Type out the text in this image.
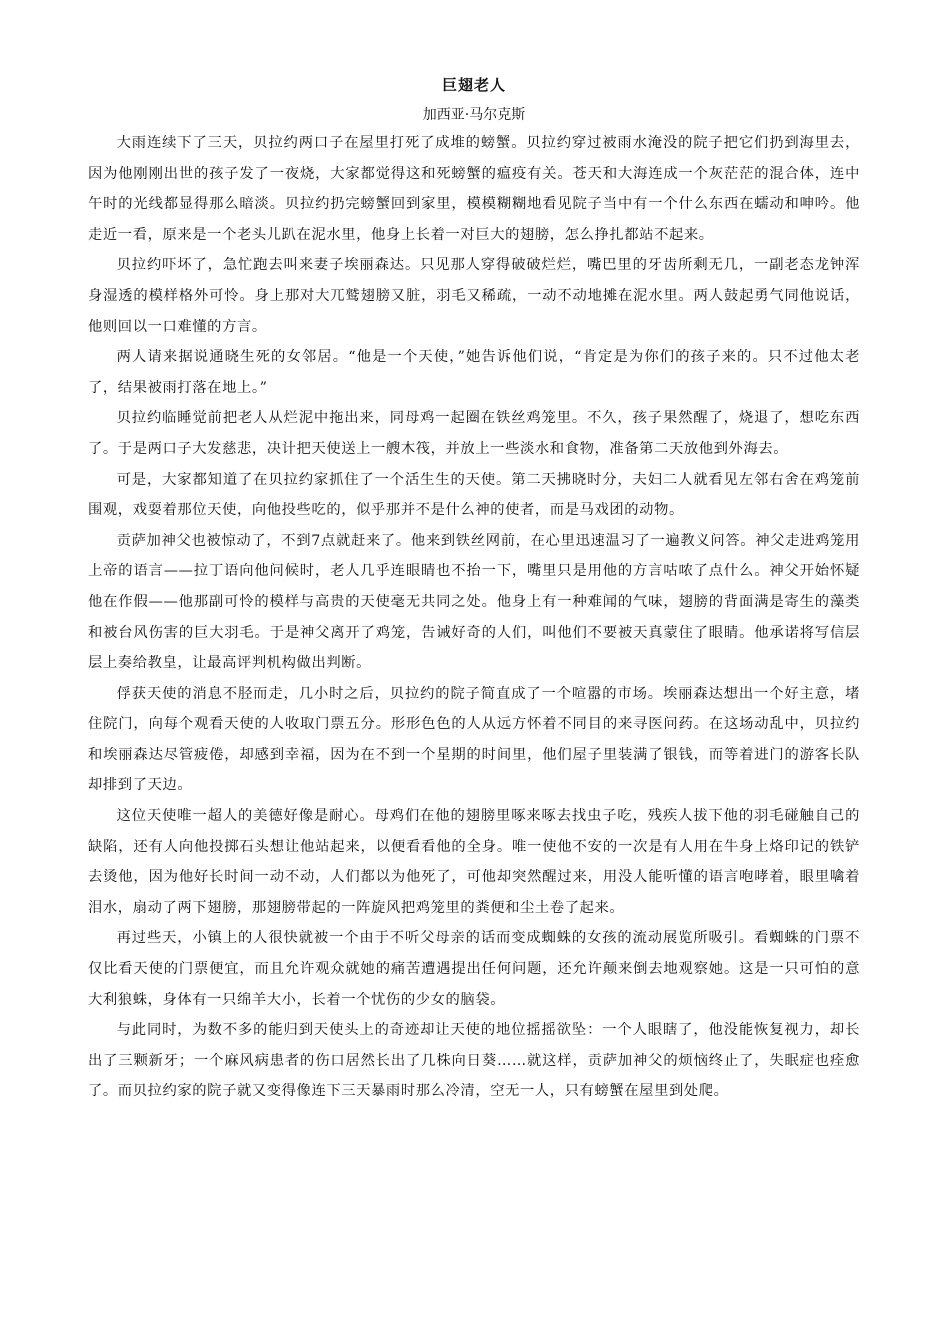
巨翅老人

加西亚·马尔克斯

大雨连续下了三天，贝拉约两口子在屋里打死了成堆的螃蟹。贝拉约穿过被雨水淹没的院子把它们扔到海里去，因为他刚刚出世的孩子发了一夜烧，大家都觉得这和死螃蟹的瘟疫有关。苍天和大海连成一个灰茫茫的混合体，连中午时的光线都显得那么暗淡。贝拉约扔完螃蟹回到家里，模模糊糊地看见院子当中有一个什么东西在蠕动和呻吟。他走近一看，原来是一个老头儿趴在泥水里，他身上长着一对巨大的翅膀，怎么挣扎都站不起来。

贝拉约吓坏了，急忙跑去叫来妻子埃丽森达。只见那人穿得破破烂烂，嘴巴里的牙齿所剩无几，一副老态龙钟浑身湿透的模样格外可怜。身上那对大兀鹫翅膀又脏，羽毛又稀疏，一动不动地摊在泥水里。两人鼓起勇气同他说话，他则回以一口难懂的方言。

两人请来据说通晓生死的女邻居。“他是一个天使，”她告诉他们说，“肯定是为你们的孩子来的。只不过他太老了，结果被雨打落在地上。”

贝拉约临睡觉前把老人从烂泥中拖出来，同母鸡一起圈在铁丝鸡笼里。不久，孩子果然醒了，烧退了，想吃东西了。于是两口子大发慈悲，决计把天使送上一艘木筏，并放上一些淡水和食物，准备第二天放他到外海去。

可是，大家都知道了在贝拉约家抓住了一个活生生的天使。第二天拂晓时分，夫妇二人就看见左邻右舍在鸡笼前围观，戏耍着那位天使，向他投些吃的，似乎那并不是什么神的使者，而是马戏团的动物。

贡萨加神父也被惊动了，不到7点就赶来了。他来到铁丝网前，在心里迅速温习了一遍教义问答。神父走进鸡笼用上帝的语言——拉丁语向他问候时，老人几乎连眼睛也不抬一下，嘴里只是用他的方言咕哝了点什么。神父开始怀疑他在作假——他那副可怜的模样与高贵的天使毫无共同之处。他身上有一种难闻的气味，翅膀的背面满是寄生的藻类和被台风伤害的巨大羽毛。于是神父离开了鸡笼，告诫好奇的人们，叫他们不要被天真蒙住了眼睛。他承诺将写信层层上奏给教皇，让最高评判机构做出判断。

俘获天使的消息不胫而走，几小时之后，贝拉约的院子简直成了一个喧嚣的市场。埃丽森达想出一个好主意，堵住院门，向每个观看天使的人收取门票五分。形形色色的人从远方怀着不同目的来寻医问药。在这场动乱中，贝拉约和埃丽森达尽管疲倦，却感到幸福，因为在不到一个星期的时间里，他们屋子里装满了银钱，而等着进门的游客长队却排到了天边。

这位天使唯一超人的美德好像是耐心。母鸡们在他的翅膀里啄来啄去找虫子吃，残疾人拔下他的羽毛碰触自己的缺陷，还有人向他投掷石头想让他站起来，以便看看他的全身。唯一使他不安的一次是有人用在牛身上烙印记的铁铲去烫他，因为他好长时间一动不动，人们都以为他死了，可他却突然醒过来，用没人能听懂的语言咆哮着，眼里噙着泪水，扇动了两下翅膀，那翅膀带起的一阵旋风把鸡笼里的粪便和尘土卷了起来。

再过些天，小镇上的人很快就被一个由于不听父母亲的话而变成蜘蛛的女孩的流动展览所吸引。看蜘蛛的门票不仅比看天使的门票便宜，而且允许观众就她的痛苦遭遇提出任何问题，还允许颠来倒去地观察她。这是一只可怕的意大利狼蛛，身体有一只绵羊大小，长着一个忧伤的少女的脑袋。

与此同时，为数不多的能归到天使头上的奇迹却让天使的地位摇摇欲坠：一个人眼瞎了，他没能恢复视力，却长出了三颗新牙；一个麻风病患者的伤口居然长出了几株向日葵……就这样，贡萨加神父的烦恼终止了，失眠症也痊愈了。而贝拉约家的院子就又变得像连下三天暴雨时那么冷清，空无一人，只有螃蟹在屋里到处爬。
